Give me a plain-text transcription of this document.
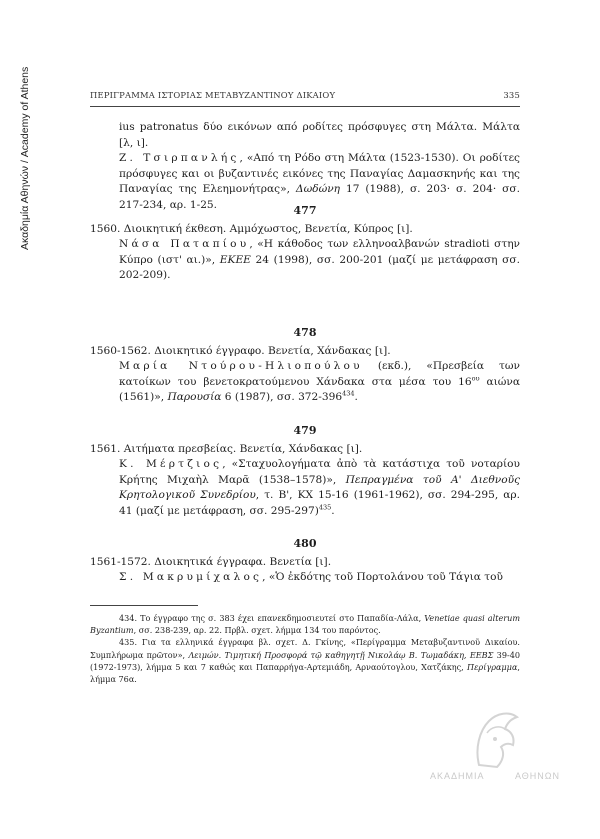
Ακαδημία Αθηνών / Academy of Athens	ΠΕΡΙΓΡΑΜΜΑ ΙΣΤΟΡΙΑΣ ΜΕΤΑΒΥΖΑΝΤΙΝΟΥ ΔΙΚΑΙΟΥ	335

ius patronatus δύο εικόνων από ροδίτες πρόσφυγες στη Μάλτα. Μάλτα [λ, ι].

Ζ. Τσιρπανλής, «Από τη Ρόδο στη Μάλτα (1523-1530). Οι ροδίτες πρόσφυγες και οι βυζαντινές εικόνες της Παναγίας Δαμασκηνής και της Παναγίας της Ελεημονήτρας», Δωδώνη 17 (1988), σ. 203· σ. 204· σσ. 217-234, αρ. 1-25.	477

1560. Διοικητική έκθεση. Αμμόχωστος, Βενετία, Κύπρος [ι].

Νάσα Παταπίου, «Η κάθοδος των ελληνοαλβανών stradioti στην Κύπρο (ιστ' αι.)», ΕΚΕΕ 24 (1998), σσ. 200-201 (μαζί με μετάφραση σσ. 202-209).

478

1560-1562. Διοικητικό έγγραφο. Βενετία, Χάνδακας [ι].

Μαρία Ντούρου-Ηλιοπούλου (εκδ.), «Πρεσβεία των κατοίκων του βενετοκρατούμενου Χάνδακα στα μέσα του $16^{o\upsilon}$ αιώνα (1561)», Παρουσία 6 (1987), σσ. $372-396^{434}$.

479

1561. Αιτήματα πρεσβείας. Βενετία, Χάνδακας [ι].

Κ. Μέρτζιος, «Σταχυολογήματα ἀπὸ τὰ κατάστιχα τοῦ νοταρίου Κρήτης Μιχαὴλ Μαρᾶ (1538–1578)», Πεπραγμένα τοῦ Α' Διεθνοῦς Κρητολογικοῦ Συνεδρίου, τ. Β', ΚΧ 15-16 (1961-1962), σσ. 294-295, αρ. 41 (μαζί με μετάφραση, σσ. 295-297)$^{435}$.

480

1561-1572. Διοικητικά έγγραφα. Βενετία [ι].

Σ. Μακρυμίχαλος, «Ὁ ἐκδότης τοῦ Πορτολάνου τοῦ Τάγια τοῦ

434. Το έγγραφο της σ. 383 έχει επανεκδημοσιευτεί στο Παπαδία-Λάλα, Venetiae quasi alterum Byzantium, σσ. 238-239, αρ. 22. Πρβλ. σχετ. λήμμα 134 του παρόντος.

435. Για τα ελληνικά έγγραφα βλ. σχετ. Δ. Γκίνης, «Περίγραμμα Μεταβυζαντινοῦ Δικαίου. Συμπλήρωμα πρῶτον», Λειμών. Τιμητική Προσφορά τῷ καθηγητῇ Νικολάῳ Β. Τωμαδάκη, ΕΕΒΣ 39-40 (1972-1973), λήμμα 5 και 7 καθώς και Παπαρρήγα-Αρτεμιάδη, Αρναούτογλου, Χατζάκης, Περίγραμμα, λήμμα 76α.

ΑΚΑΔΗΜΙΑ	ΑΘΗΝΩΝ
